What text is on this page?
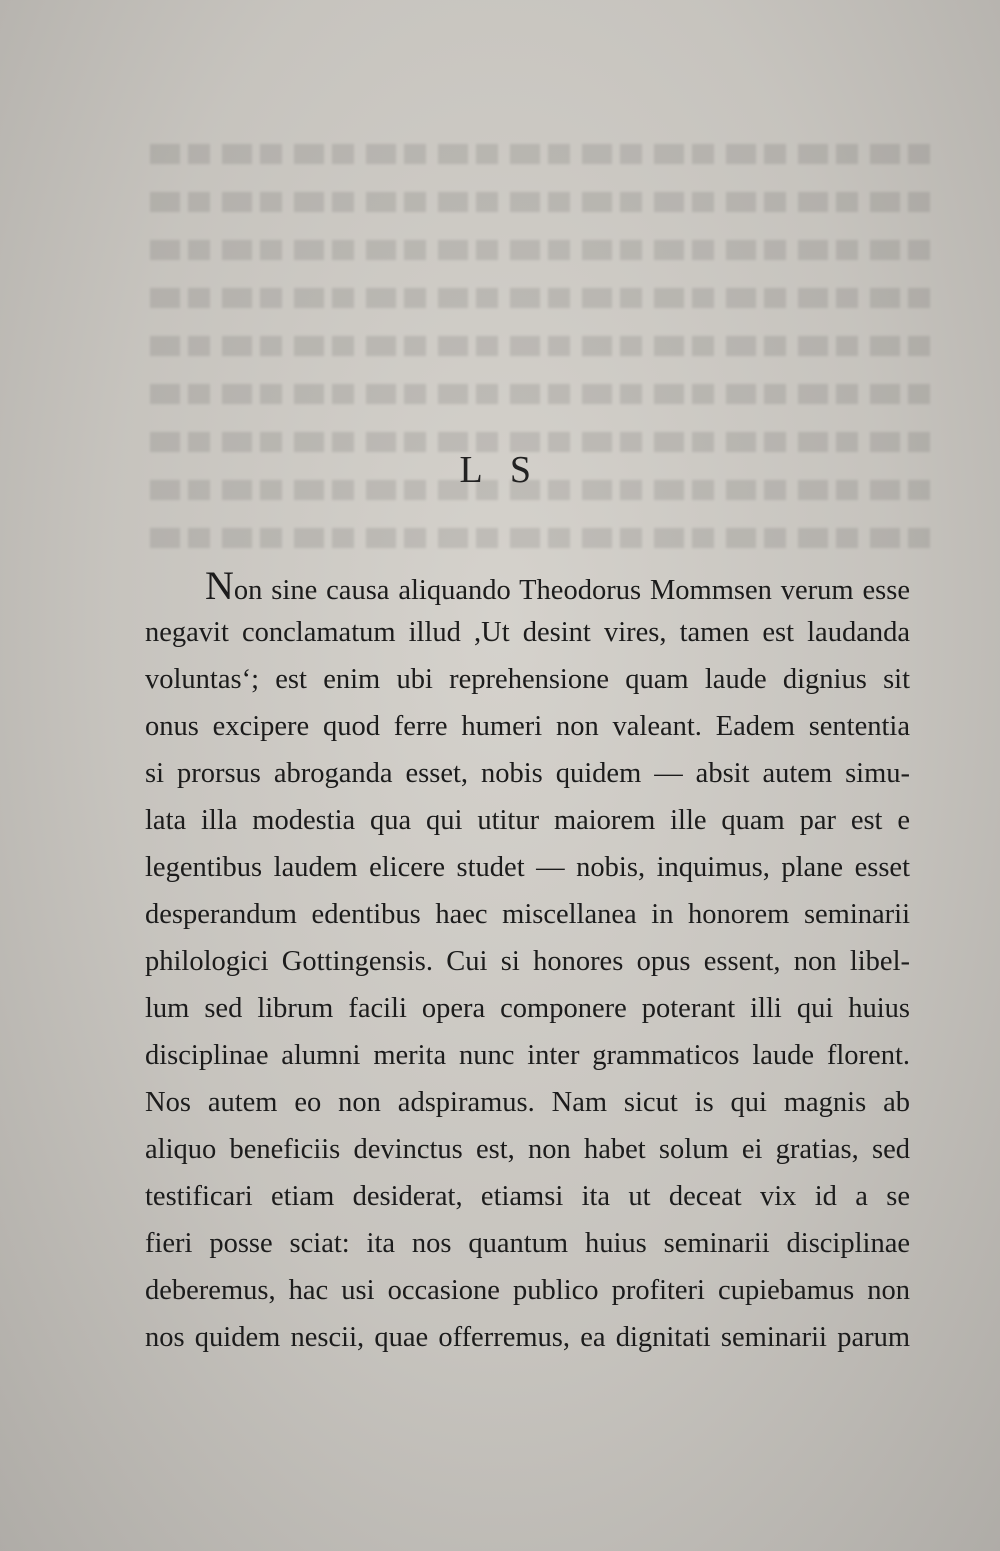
L S
Non sine causa aliquando Theodorus Mommsen verum esse
negavit conclamatum illud ,Ut desint vires, tamen est laudanda
voluntas‘; est enim ubi reprehensione quam laude dignius sit
onus excipere quod ferre humeri non valeant. Eadem sententia
si prorsus abroganda esset, nobis quidem — absit autem simu-
lata illa modestia qua qui utitur maiorem ille quam par est e
legentibus laudem elicere studet — nobis, inquimus, plane esset
desperandum edentibus haec miscellanea in honorem seminarii
philologici Gottingensis. Cui si honores opus essent, non libel-
lum sed librum facili opera componere poterant illi qui huius
disciplinae alumni merita nunc inter grammaticos laude florent.
Nos autem eo non adspiramus. Nam sicut is qui magnis ab
aliquo beneficiis devinctus est, non habet solum ei gratias, sed
testificari etiam desiderat, etiamsi ita ut deceat vix id a se
fieri posse sciat: ita nos quantum huius seminarii disciplinae
deberemus, hac usi occasione publico profiteri cupiebamus non
nos quidem nescii, quae offerremus, ea dignitati seminarii parum
